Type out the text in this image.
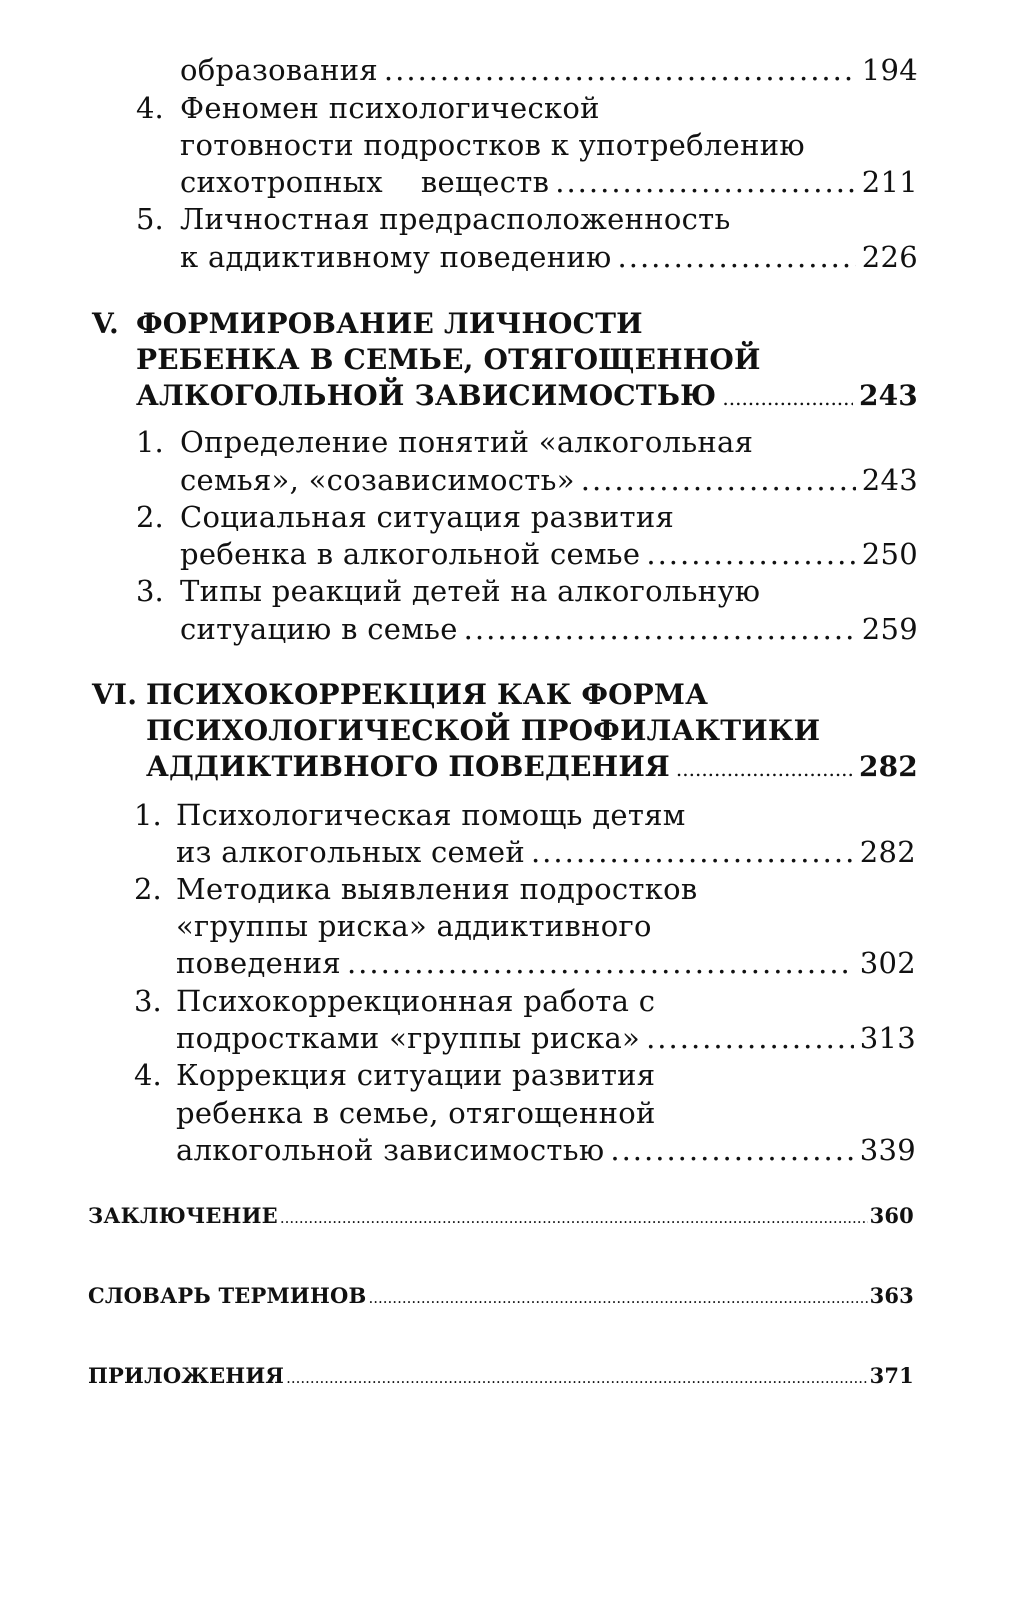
образования .....	194
4. Феномен психологической
готовности подростков к употреблению
сихотропных    веществ .....	211
5. Личностная предрасположенность
к аддиктивному поведению .....	226
V. ФОРМИРОВАНИЕ ЛИЧНОСТИ
РЕБЕНКА В СЕМЬЕ, ОТЯГОЩЕННОЙ
АЛКОГОЛЬНОЙ ЗАВИСИМОСТЬЮ .....	243
1. Определение понятий «алкогольная
семья», «созависимость» .....	243
2. Социальная ситуация развития
ребенка в алкогольной семье .....	250
3. Типы реакций детей на алкогольную
ситуацию в семье .....	259
VI. ПСИХОКОРРЕКЦИЯ КАК ФОРМА
ПСИХОЛОГИЧЕСКОЙ ПРОФИЛАКТИКИ
АДДИКТИВНОГО ПОВЕДЕНИЯ .....	282
1. Психологическая помощь детям
из алкогольных семей .....	282
2. Методика выявления подростков
«группы риска» аддиктивного
поведения .....	302
3. Психокоррекционная работа с
подростками «группы риска» .....	313
4. Коррекция ситуации развития
ребенка в семье, отягощенной
алкогольной зависимостью .....	339
ЗАКЛЮЧЕНИЕ .....	360
СЛОВАРЬ ТЕРМИНОВ .....	363
ПРИЛОЖЕНИЯ .....	371
